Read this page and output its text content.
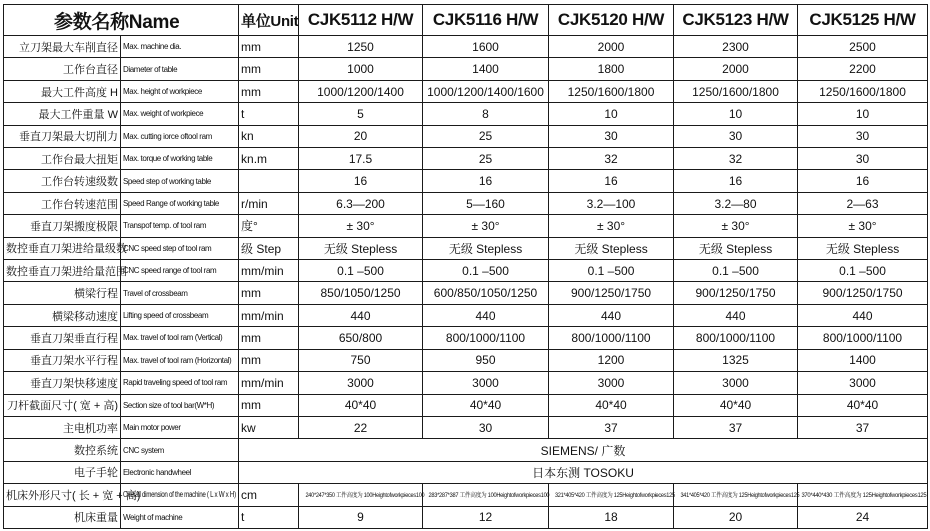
参数名称Name		单位Unit	CJK5112 H/W	CJK5116 H/W	CJK5120 H/W	CJK5123 H/W	CJK5125 H/W
立刀架最大车削直径	Max. machine dia.	mm	1250	1600	2000	2300	2500
工作台直径	Diameter of table	mm	1000	1400	1800	2000	2200
最大工件高度 H	Max. height of workpiece	mm	1000/1200/1400	1000/1200/1400/1600	1250/1600/1800	1250/1600/1800	1250/1600/1800
最大工件重量 W	Max. weight of workpiece	t	5	8	10	10	10
垂直刀架最大切削力	Max. cutting iorce oftool ram	kn	20	25	30	30	30
工作台最大扭矩	Max. torque of working table	kn.m	17.5	25	32	32	30
工作台转速级数	Speed step of working table		16	16	16	16	16
工作台转速范围	Speed Range of working table	r/min	6.3—200	5—160	3.2—100	3.2—80	2—63
垂直刀架搬度极限	Transpof temp. of tool ram	度°	± 30°	± 30°	± 30°	± 30°	± 30°
数控垂直刀架进给量级数	CNC speed step of tool ram	级 Step	无级 Stepless	无级 Stepless	无级 Stepless	无级 Stepless	无级 Stepless
数控垂直刀架进给量范围	CNC speed range of tool ram	mm/min	0.1 –500	0.1 –500	0.1 –500	0.1 –500	0.1 –500
横梁行程	Travel of crossbeam	mm	850/1050/1250	600/850/1050/1250	900/1250/1750	900/1250/1750	900/1250/1750
横梁移动速度	Lifting speed of crossbeam	mm/min	440	440	440	440	440
垂直刀架垂直行程	Max. travel of tool ram (Vertical)	mm	650/800	800/1000/1100	800/1000/1100	800/1000/1100	800/1000/1100
垂直刀架水平行程	Max. travel of tool ram (Horizontal)	mm	750	950	1200	1325	1400
垂直刀架快移速度	Rapid traveling speed of tool ram	mm/min	3000	3000	3000	3000	3000
刀杆截面尺寸( 宽 + 高)	Section size of tool bar(W*H)	mm	40*40	40*40	40*40	40*40	40*40
主电机功率	Main motor power	kw	22	30	37	37	37
数控系统	CNC system	SIEMENS/ 广数					
电子手轮	Electronic handwheel	日本东测 TOSOKU					
机床外形尺寸( 长 + 宽 + 高)	Overall dimension of the machine ( L x W x H)	cm	240*247*350 工件高度为 100Heightofworkpieces100	283*287*387 工件高度为 100Heightofworkpieces100	321*405*420 工件高度为 125Heightofworkpieces125	341*405*420 工件高度为 125Heightofworkpieces125	370*440*430 工件高度为 125Heightofworkpieces125
机床重量	Weight of machine	t	9	12	18	20	24
